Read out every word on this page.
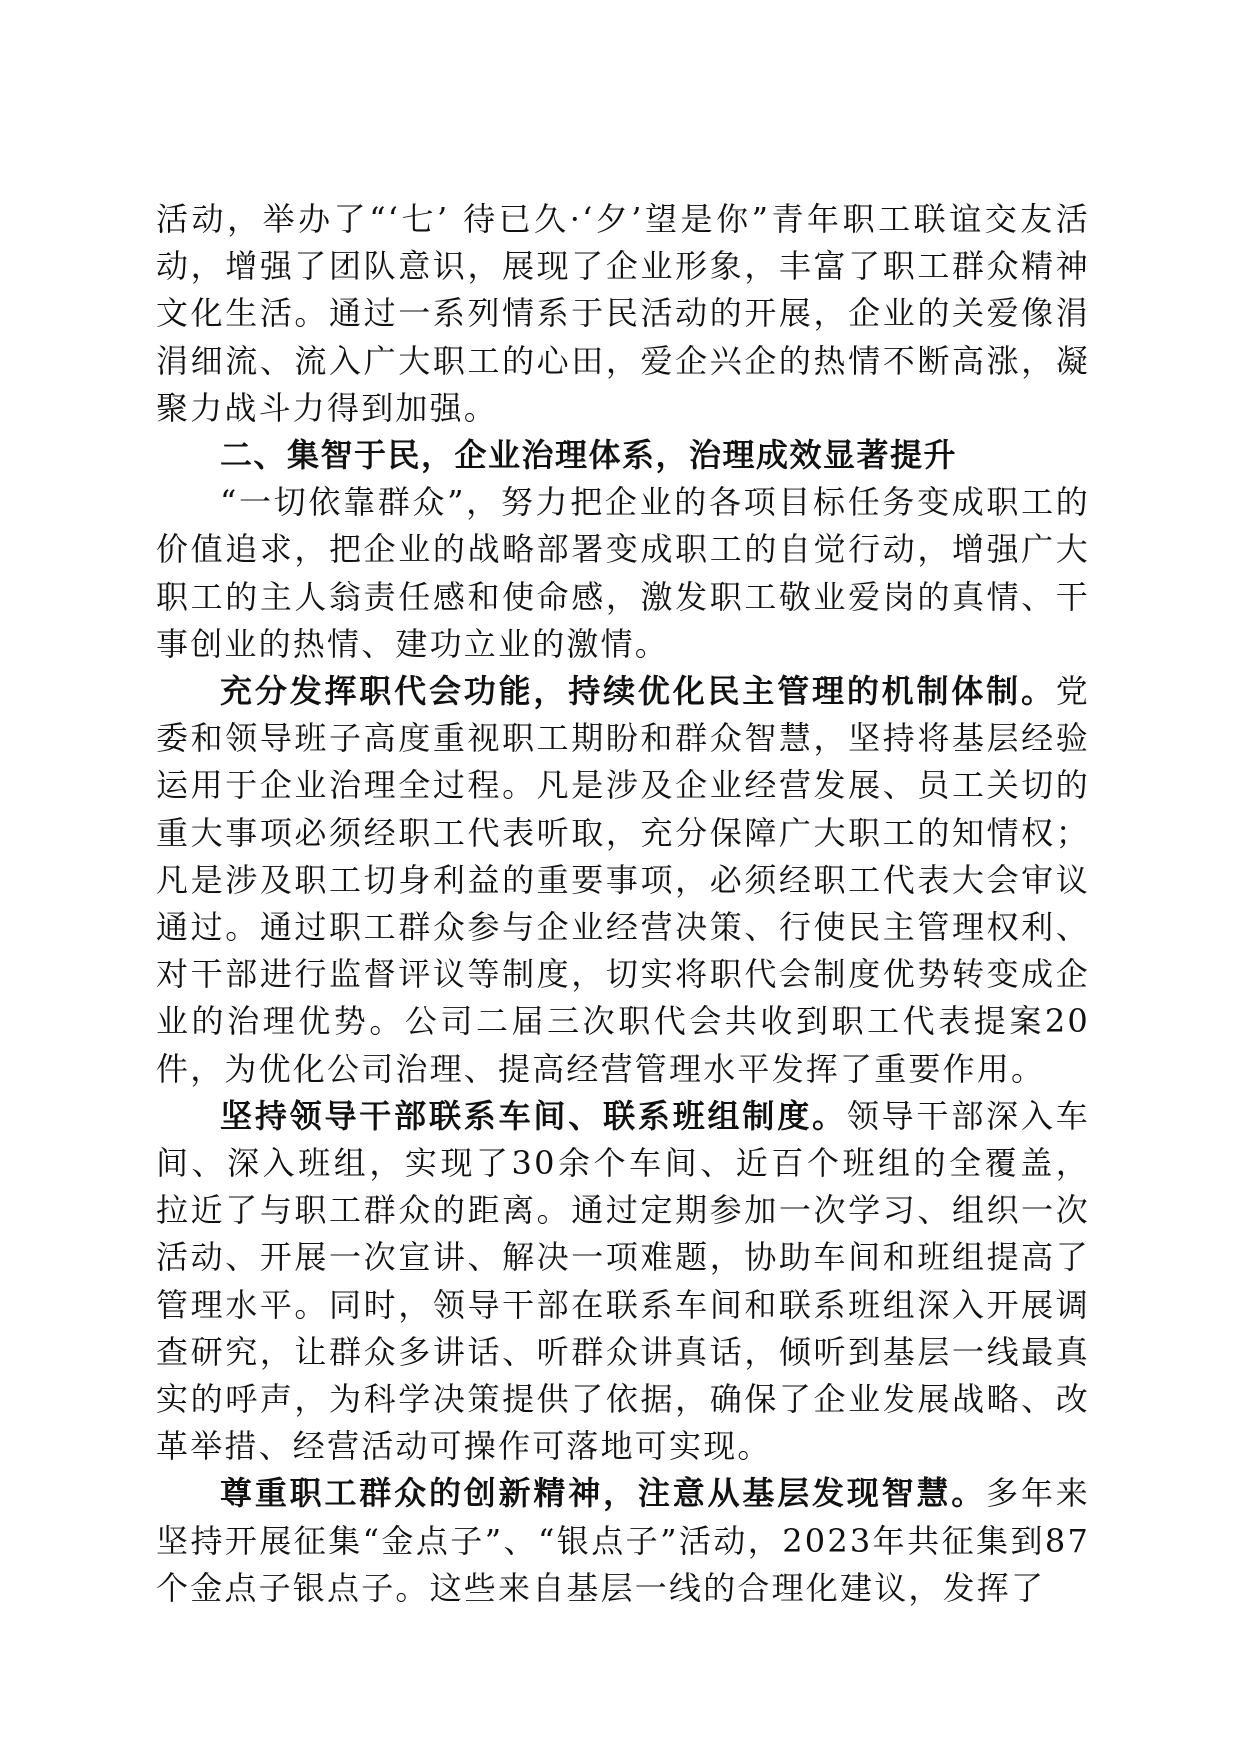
活动，举办了“‘七’ 待已久·‘夕’望是你”青年职工联谊交友活动，增强了团队意识，展现了企业形象，丰富了职工群众精神文化生活。通过一系列情系于民活动的开展，企业的关爱像涓涓细流、流入广大职工的心田，爱企兴企的热情不断高涨，凝聚力战斗力得到加强。

二、集智于民，企业治理体系，治理成效显著提升

“一切依靠群众”，努力把企业的各项目标任务变成职工的价值追求，把企业的战略部署变成职工的自觉行动，增强广大职工的主人翁责任感和使命感，激发职工敬业爱岗的真情、干事创业的热情、建功立业的激情。

充分发挥职代会功能，持续优化民主管理的机制体制。党委和领导班子高度重视职工期盼和群众智慧，坚持将基层经验运用于企业治理全过程。凡是涉及企业经营发展、员工关切的重大事项必须经职工代表听取，充分保障广大职工的知情权；凡是涉及职工切身利益的重要事项，必须经职工代表大会审议通过。通过职工群众参与企业经营决策、行使民主管理权利、对干部进行监督评议等制度，切实将职代会制度优势转变成企业的治理优势。公司二届三次职代会共收到职工代表提案20件，为优化公司治理、提高经营管理水平发挥了重要作用。

坚持领导干部联系车间、联系班组制度。领导干部深入车间、深入班组，实现了30余个车间、近百个班组的全覆盖，拉近了与职工群众的距离。通过定期参加一次学习、组织一次活动、开展一次宣讲、解决一项难题，协助车间和班组提高了管理水平。同时，领导干部在联系车间和联系班组深入开展调查研究，让群众多讲话、听群众讲真话，倾听到基层一线最真实的呼声，为科学决策提供了依据，确保了企业发展战略、改革举措、经营活动可操作可落地可实现。

尊重职工群众的创新精神，注意从基层发现智慧。多年来坚持开展征集“金点子”、“银点子”活动，2023年共征集到87个金点子银点子。这些来自基层一线的合理化建议，发挥了
